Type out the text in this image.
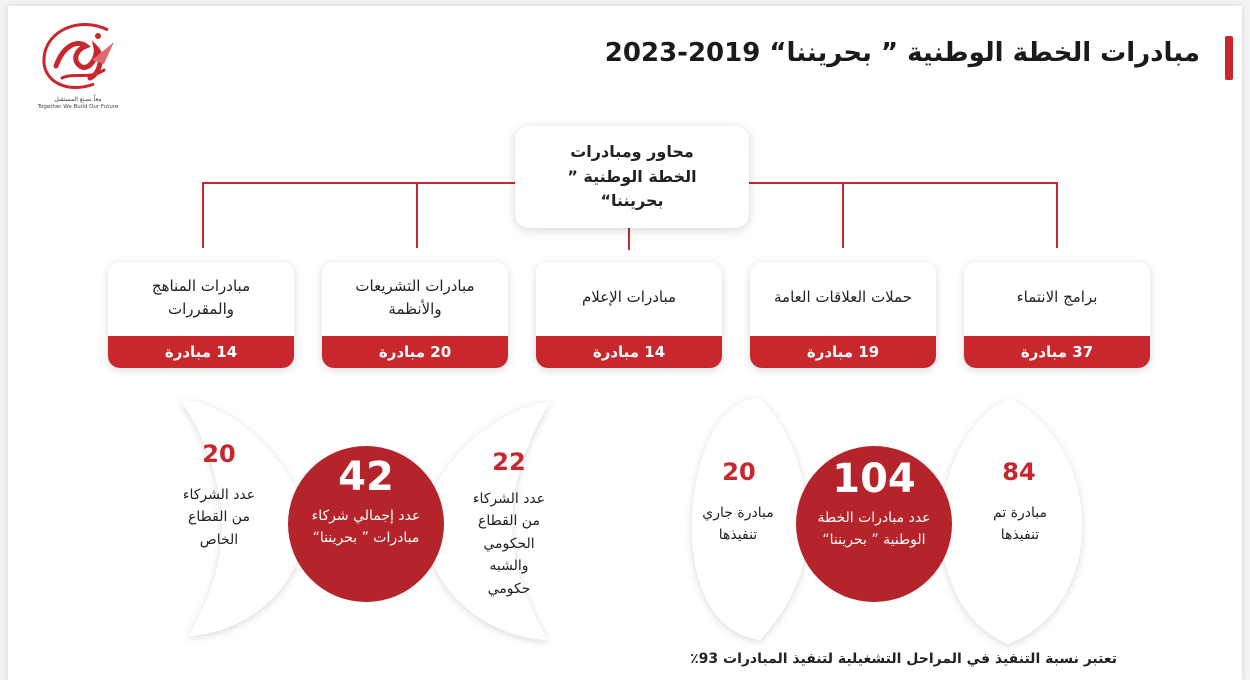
معاً نصنع المستقبل
Together We Build Our Future
مبادرات الخطة الوطنية ” بحريننا“ 2019-2023
محاور ومبادرات الخطة الوطنية ” بحريننا“
برامج الانتماء
37 مبادرة
حملات العلاقات العامة
19 مبادرة
مبادرات الإعلام
14 مبادرة
مبادرات التشريعات والأنظمة
20 مبادرة
مبادرات المناهج والمقررات
14 مبادرة
20
عدد الشركاء من القطاع الخاص
42
عدد إجمالي شركاء مبادرات ” بحريننا“
22
عدد الشركاء من القطاع الحكومي والشبه حكومي
20
مبادرة جاري تنفيذها
104
عدد مبادرات الخطة الوطنية ” بحريننا“
84
مبادرة تم تنفيذها
تعتبر نسبة التنفيذ في المراحل التشغيلية لتنفيذ المبادرات 93٪
